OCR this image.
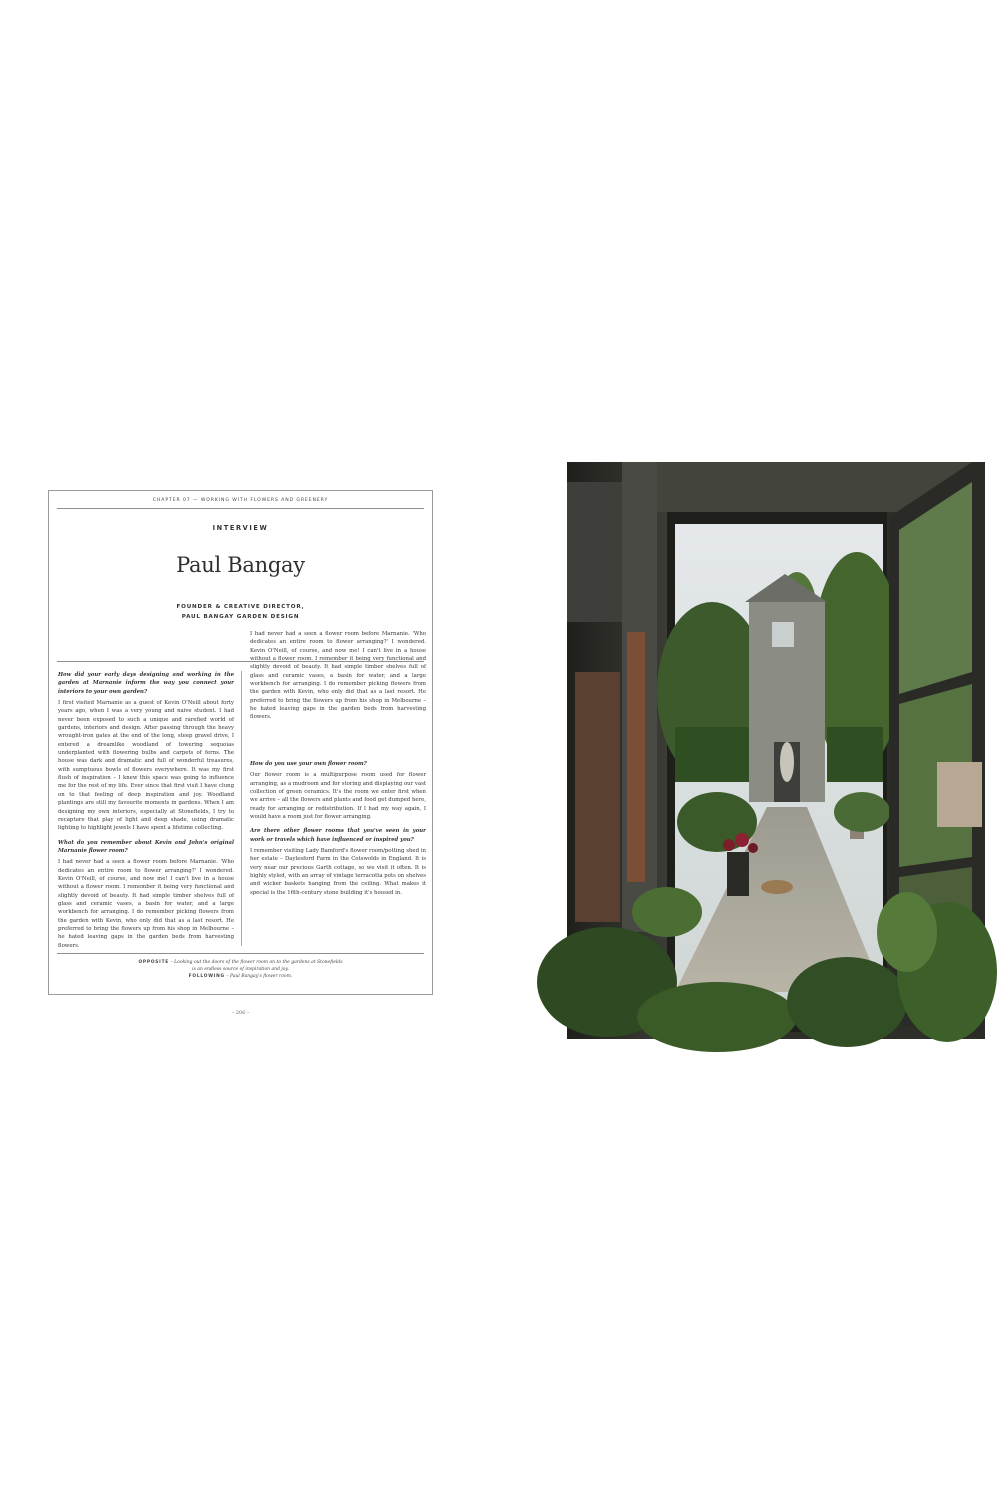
CHAPTER 07 — WORKING WITH FLOWERS AND GREENERY
INTERVIEW
Paul Bangay
FOUNDER & CREATIVE DIRECTOR,
PAUL BANGAY GARDEN DESIGN
How did your early days designing and working in the garden at Marnanie inform the way you connect your interiors to your own garden?
I first visited Marnanie as a guest of Kevin O'Neill about forty years ago, when I was a very young and naive student. I had never been exposed to such a unique and rarefied world of gardens, interiors and design. After passing through the heavy wrought-iron gates at the end of the long, steep gravel drive, I entered a dreamlike woodland of towering sequoias underplanted with flowering bulbs and carpets of ferns. The house was dark and dramatic and full of wonderful treasures, with sumptuous bowls of flowers everywhere. It was my first flush of inspiration – I knew this space was going to influence me for the rest of my life. Ever since that first visit I have clung on to that feeling of deep inspiration and joy. Woodland plantings are still my favourite moments in gardens. When I am designing my own interiors, especially at Stonefields, I try to recapture that play of light and deep shade, using dramatic lighting to highlight jewels I have spent a lifetime collecting.
What do you remember about Kevin and John's original Marnanie flower room?
I had never had a seen a flower room before Marnanie. 'Who dedicates an entire room to flower arranging?' I wondered. Kevin O'Neill, of course, and now me! I can't live in a house without a flower room. I remember it being very functional and slightly devoid of beauty. It had simple timber shelves full of glass and ceramic vases, a basin for water, and a large workbench for arranging. I do remember picking flowers from the garden with Kevin, who only did that as a last resort. He preferred to bring the flowers up from his shop in Melbourne – he hated leaving gaps in the garden beds from harvesting flowers.
I had never had a seen a flower room before Marnanie. 'Who dedicates an entire room to flower arranging?' I wondered. Kevin O'Neill, of course, and now me! I can't live in a house without a flower room. I remember it being very functional and slightly devoid of beauty. It had simple timber shelves full of glass and ceramic vases, a basin for water, and a large workbench for arranging. I do remember picking flowers from the garden with Kevin, who only did that as a last resort. He preferred to bring the flowers up from his shop in Melbourne – he hated leaving gaps in the garden beds from harvesting flowers.
How do you use your own flower room?
Our flower room is a multipurpose room used for flower arranging, as a mudroom and for storing and displaying our vast collection of green ceramics. It's the room we enter first when we arrive – all the flowers and plants and food get dumped here, ready for arranging or redistribution. If I had my way again, I would have a room just for flower arranging.
Are there other flower rooms that you've seen in your work or travels which have influenced or inspired you?
I remember visiting Lady Bamford's flower room/potting shed in her estate – Daylesford Farm in the Cotswolds in England. It is very near our precious Garth cottage, so we visit it often. It is highly styled, with an array of vintage terracotta pots on shelves and wicker baskets hanging from the ceiling. What makes it special is the 16th-century stone building it's housed in.
OPPOSITE – Looking out the doors of the flower room on to the gardens at Stonefields
is an endless source of inspiration and joy.
FOLLOWING – Paul Bangay's flower room.
– 206 –
